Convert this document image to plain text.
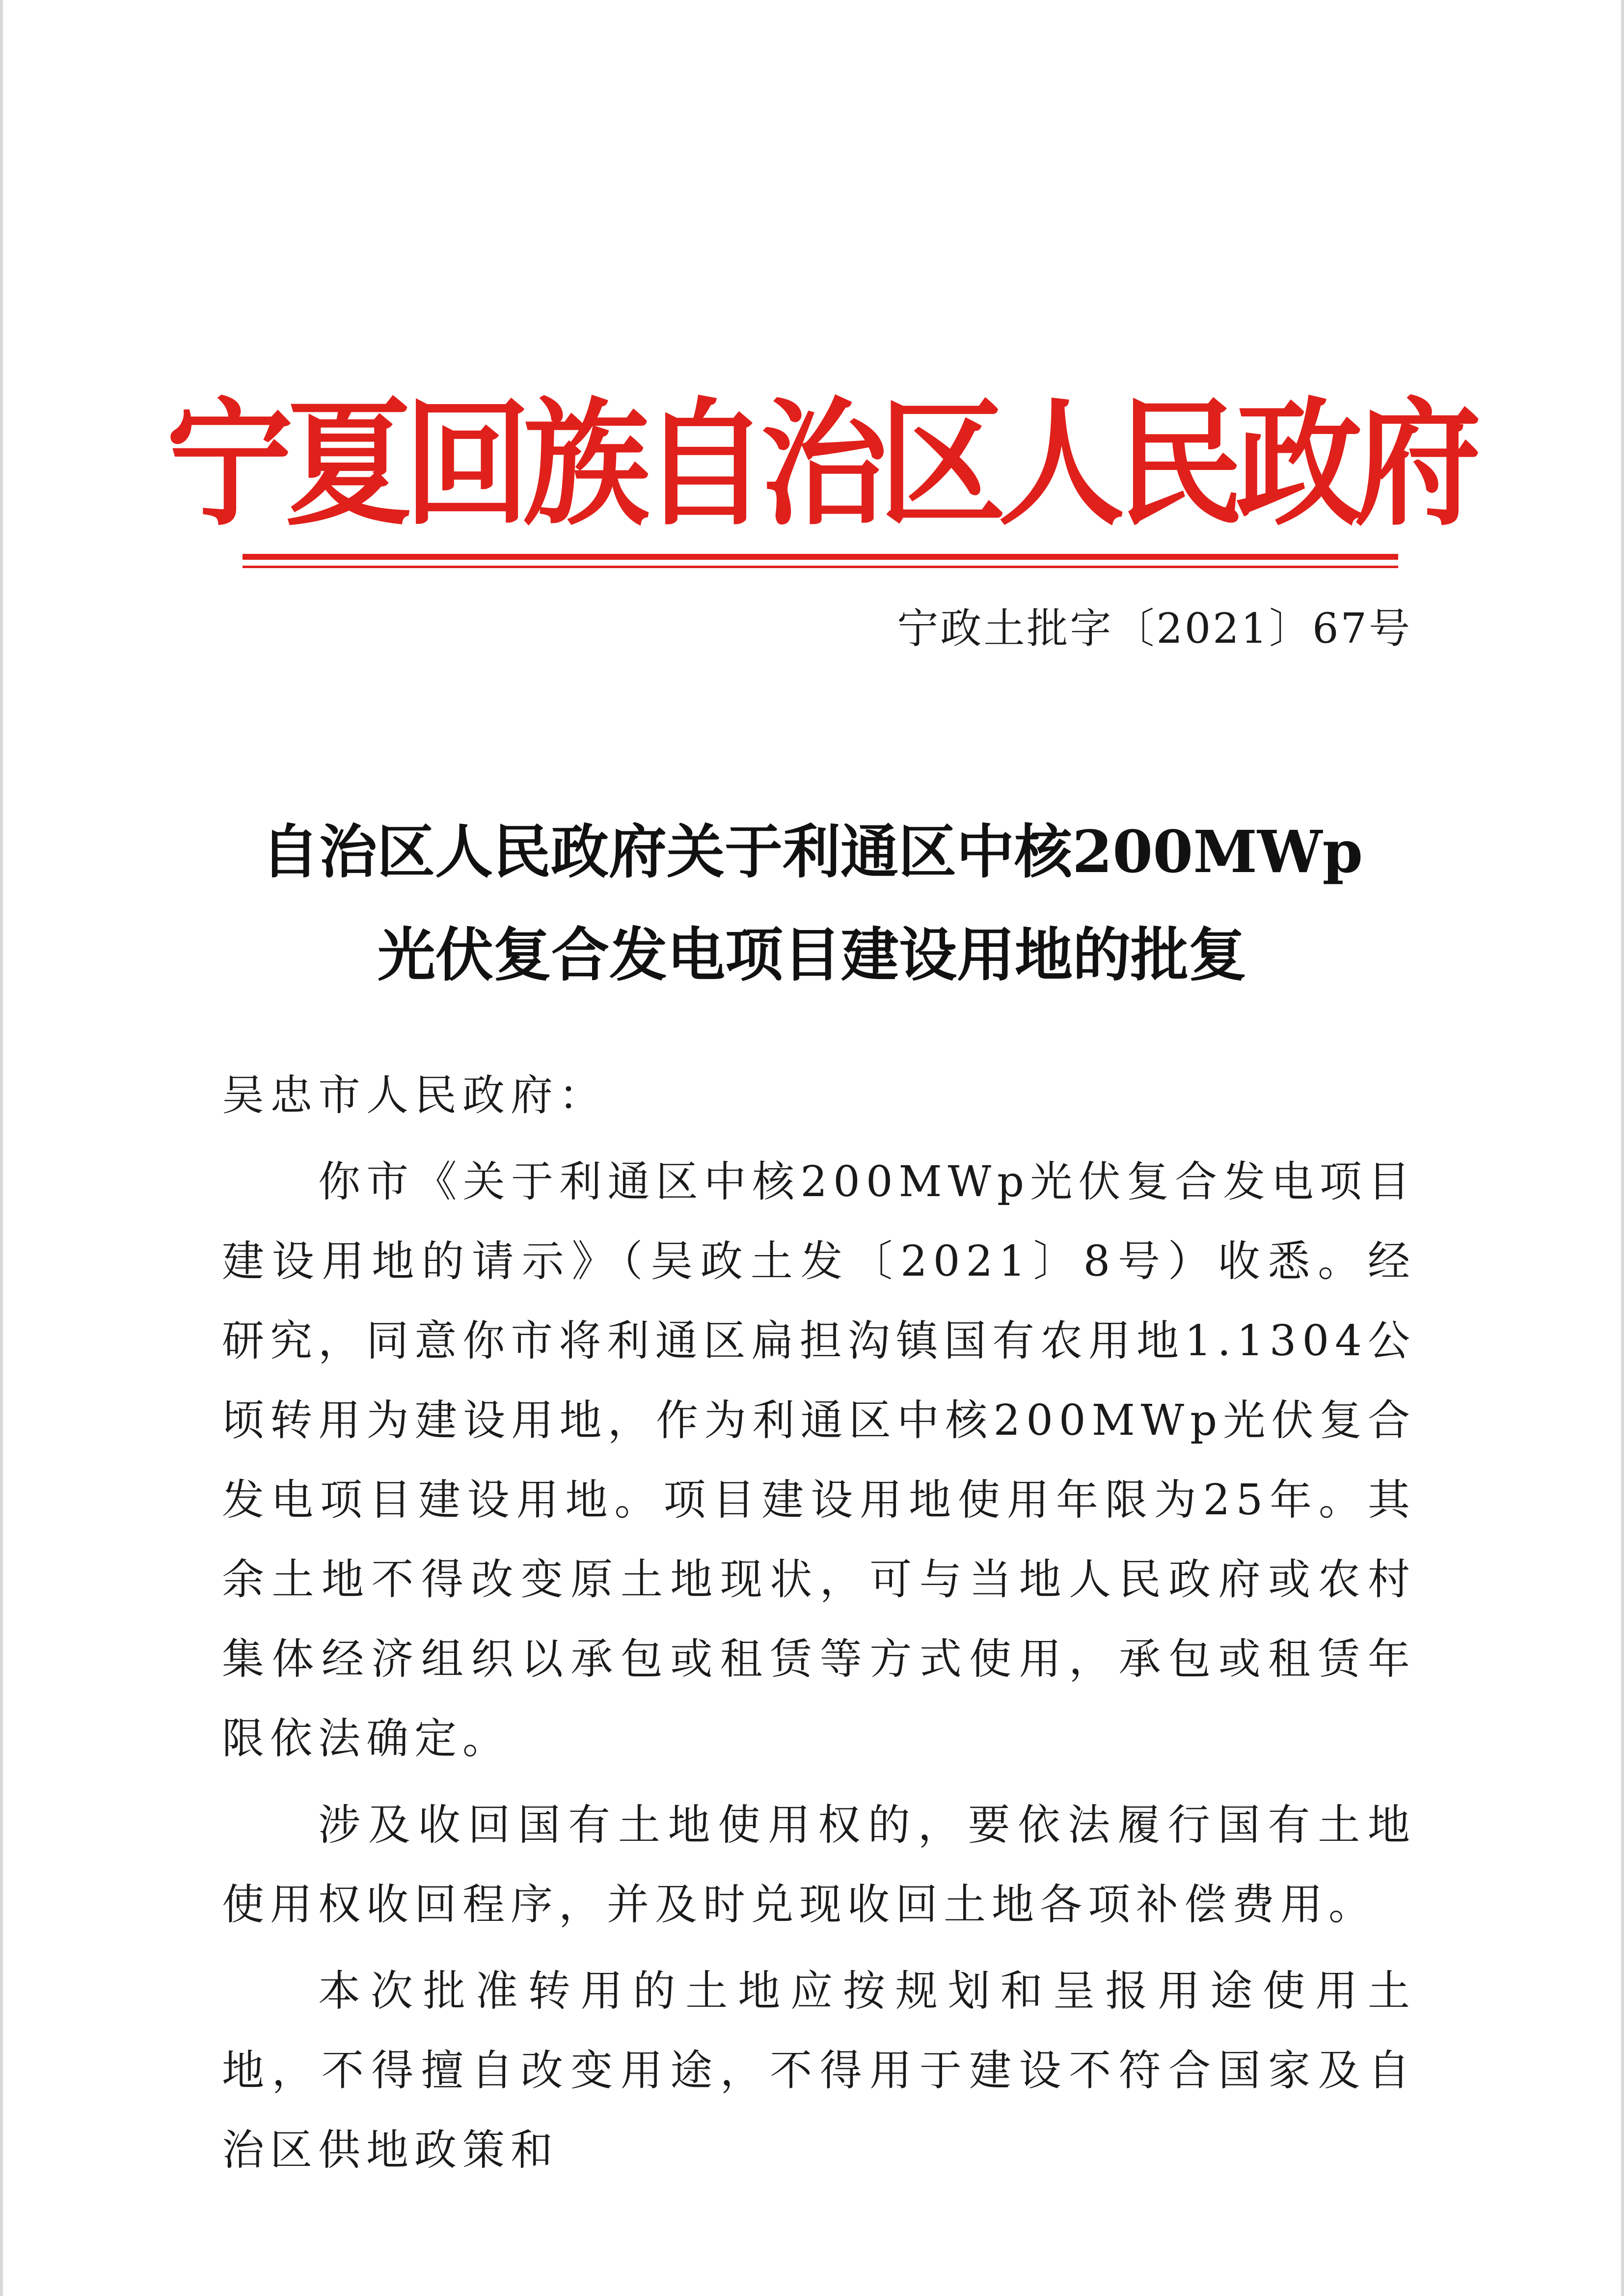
宁夏回族自治区人民政府
宁政土批字〔2021〕67号
自治区人民政府关于利通区中核200MWp
光伏复合发电项目建设用地的批复

吴忠市人民政府：

你市《关于利通区中核200MWp光伏复合发电项目建设用地的请示》（吴政土发〔2021〕8号）收悉。经研究，同意你市将利通区扁担沟镇国有农用地1.1304公顷转用为建设用地，作为利通区中核200MWp光伏复合发电项目建设用地。项目建设用地使用年限为25年。其余土地不得改变原土地现状，可与当地人民政府或农村集体经济组织以承包或租赁等方式使用，承包或租赁年限依法确定。

涉及收回国有土地使用权的，要依法履行国有土地使用权收回程序，并及时兑现收回土地各项补偿费用。

本次批准转用的土地应按规划和呈报用途使用土地，不得擅自改变用途，不得用于建设不符合国家及自治区供地政策和
